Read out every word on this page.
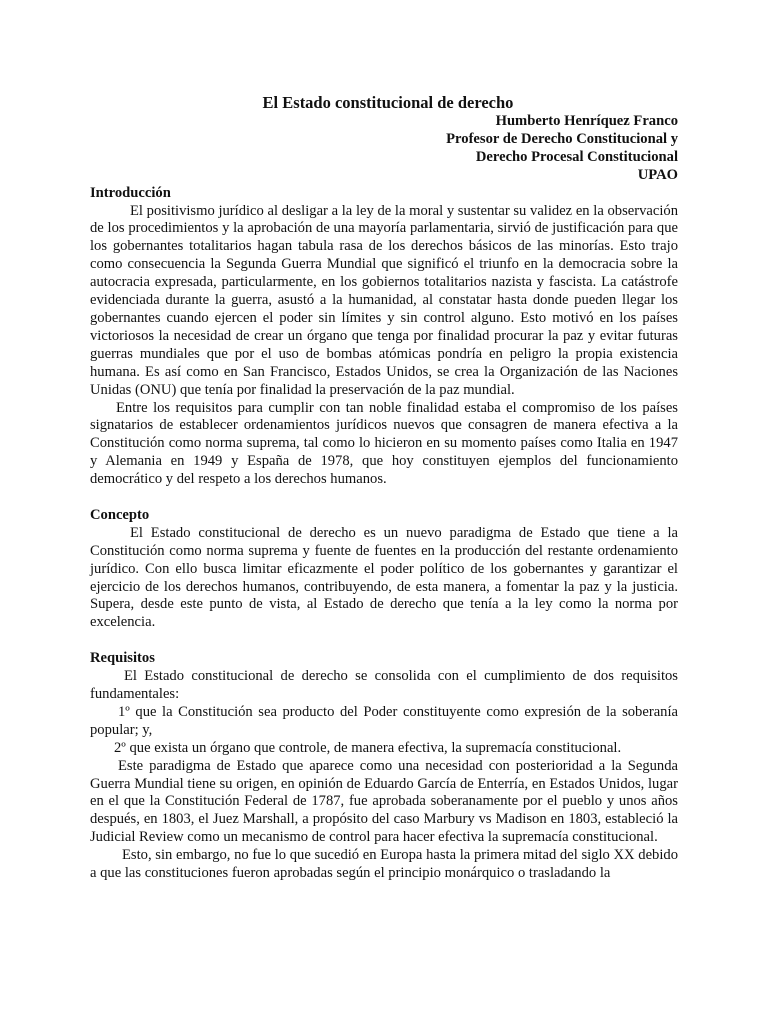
El Estado constitucional de derecho

Humberto Henríquez Franco

Profesor de Derecho Constitucional y

Derecho Procesal Constitucional

UPAO

Introducción

El positivismo jurídico al desligar a la ley de la moral y sustentar su validez en la observación de los procedimientos y la aprobación de una mayoría parlamentaria, sirvió de justificación para que los gobernantes totalitarios hagan tabula rasa de los derechos básicos de las minorías. Esto trajo como consecuencia la Segunda Guerra Mundial que significó el triunfo en la democracia sobre la autocracia expresada, particularmente, en los gobiernos totalitarios nazista y fascista. La catástrofe evidenciada durante la guerra, asustó a la humanidad, al constatar hasta donde pueden llegar los gobernantes cuando ejercen el poder sin límites y sin control alguno. Esto motivó en los países victoriosos la necesidad de crear un órgano que tenga por finalidad procurar la paz y evitar futuras guerras mundiales que por el uso de bombas atómicas pondría en peligro la propia existencia humana. Es así como en San Francisco, Estados Unidos, se crea la Organización de las Naciones Unidas (ONU) que tenía por finalidad la preservación de la paz mundial.

Entre los requisitos para cumplir con tan noble finalidad estaba el compromiso de los países signatarios de establecer ordenamientos jurídicos nuevos que consagren de manera efectiva a la Constitución como norma suprema, tal como lo hicieron en su momento países como Italia en 1947 y Alemania en 1949 y España de 1978, que hoy constituyen ejemplos del funcionamiento democrático y del respeto a los derechos humanos.

Concepto

El Estado constitucional de derecho es un nuevo paradigma de Estado que tiene a la Constitución como norma suprema y fuente de fuentes en la producción del restante ordenamiento jurídico. Con ello busca limitar eficazmente el poder político de los gobernantes y garantizar el ejercicio de los derechos humanos, contribuyendo, de esta manera, a fomentar la paz y la justicia. Supera, desde este punto de vista, al Estado de derecho que tenía a la ley como la norma por excelencia.

Requisitos

El Estado constitucional de derecho se consolida con el cumplimiento de dos requisitos fundamentales:

1º que la Constitución sea producto del Poder constituyente como expresión de la soberanía popular; y,

2º que exista un órgano que controle, de manera efectiva, la supremacía constitucional.

Este paradigma de Estado que aparece como una necesidad con posterioridad a la Segunda Guerra Mundial tiene su origen, en opinión de Eduardo García de Enterría, en Estados Unidos, lugar en el que la Constitución Federal de 1787, fue aprobada soberanamente por el pueblo y unos años después, en 1803, el Juez Marshall, a propósito del caso Marbury vs Madison en 1803, estableció la Judicial Review como un mecanismo de control para hacer efectiva la supremacía constitucional.

Esto, sin embargo, no fue lo que sucedió en Europa hasta la primera mitad del siglo XX debido a que las constituciones fueron aprobadas según el principio monárquico o trasladando la
